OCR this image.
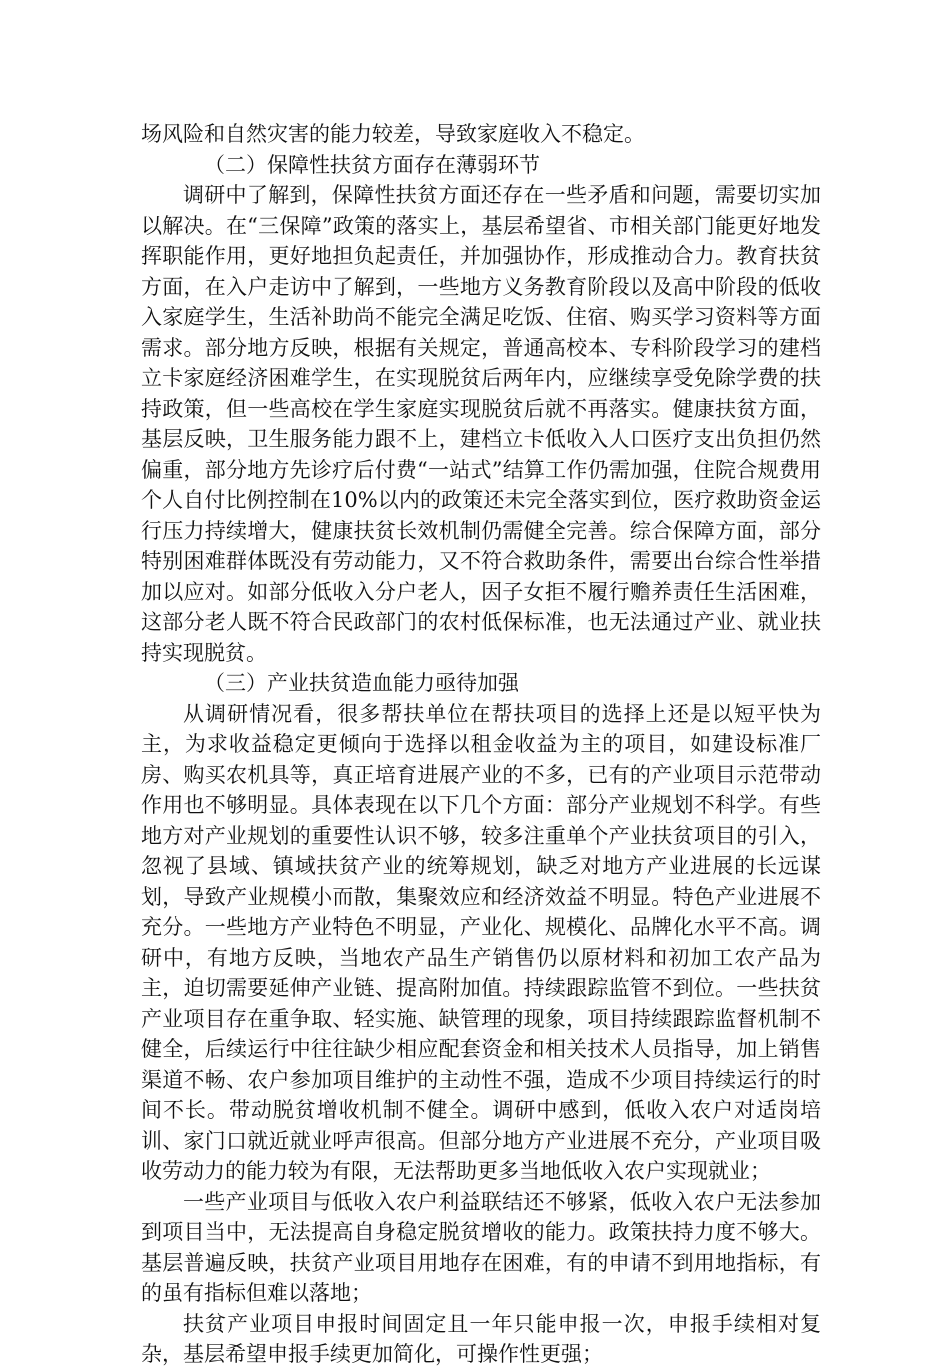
场风险和自然灾害的能力较差，导致家庭收入不稳定。

（二）保障性扶贫方面存在薄弱环节

调研中了解到，保障性扶贫方面还存在一些矛盾和问题，需要切实加以解决。在“三保障”政策的落实上，基层希望省、市相关部门能更好地发挥职能作用，更好地担负起责任，并加强协作，形成推动合力。教育扶贫方面，在入户走访中了解到，一些地方义务教育阶段以及高中阶段的低收入家庭学生，生活补助尚不能完全满足吃饭、住宿、购买学习资料等方面需求。部分地方反映，根据有关规定，普通高校本、专科阶段学习的建档立卡家庭经济困难学生，在实现脱贫后两年内，应继续享受免除学费的扶持政策，但一些高校在学生家庭实现脱贫后就不再落实。健康扶贫方面，基层反映，卫生服务能力跟不上，建档立卡低收入人口医疗支出负担仍然偏重，部分地方先诊疗后付费“一站式”结算工作仍需加强，住院合规费用个人自付比例控制在10%以内的政策还未完全落实到位，医疗救助资金运行压力持续增大，健康扶贫长效机制仍需健全完善。综合保障方面，部分特别困难群体既没有劳动能力，又不符合救助条件，需要出台综合性举措加以应对。如部分低收入分户老人，因子女拒不履行赡养责任生活困难，这部分老人既不符合民政部门的农村低保标准，也无法通过产业、就业扶持实现脱贫。

（三）产业扶贫造血能力亟待加强

从调研情况看，很多帮扶单位在帮扶项目的选择上还是以短平快为主，为求收益稳定更倾向于选择以租金收益为主的项目，如建设标准厂房、购买农机具等，真正培育进展产业的不多，已有的产业项目示范带动作用也不够明显。具体表现在以下几个方面：部分产业规划不科学。有些地方对产业规划的重要性认识不够，较多注重单个产业扶贫项目的引入，忽视了县域、镇域扶贫产业的统筹规划，缺乏对地方产业进展的长远谋划，导致产业规模小而散，集聚效应和经济效益不明显。特色产业进展不充分。一些地方产业特色不明显，产业化、规模化、品牌化水平不高。调研中，有地方反映，当地农产品生产销售仍以原材料和初加工农产品为主，迫切需要延伸产业链、提高附加值。持续跟踪监管不到位。一些扶贫产业项目存在重争取、轻实施、缺管理的现象，项目持续跟踪监督机制不健全，后续运行中往往缺少相应配套资金和相关技术人员指导，加上销售渠道不畅、农户参加项目维护的主动性不强，造成不少项目持续运行的时间不长。带动脱贫增收机制不健全。调研中感到，低收入农户对适岗培训、家门口就近就业呼声很高。但部分地方产业进展不充分，产业项目吸收劳动力的能力较为有限，无法帮助更多当地低收入农户实现就业；

一些产业项目与低收入农户利益联结还不够紧，低收入农户无法参加到项目当中，无法提高自身稳定脱贫增收的能力。政策扶持力度不够大。基层普遍反映，扶贫产业项目用地存在困难，有的申请不到用地指标，有的虽有指标但难以落地；

扶贫产业项目申报时间固定且一年只能申报一次，申报手续相对复杂，基层希望申报手续更加简化，可操作性更强；
